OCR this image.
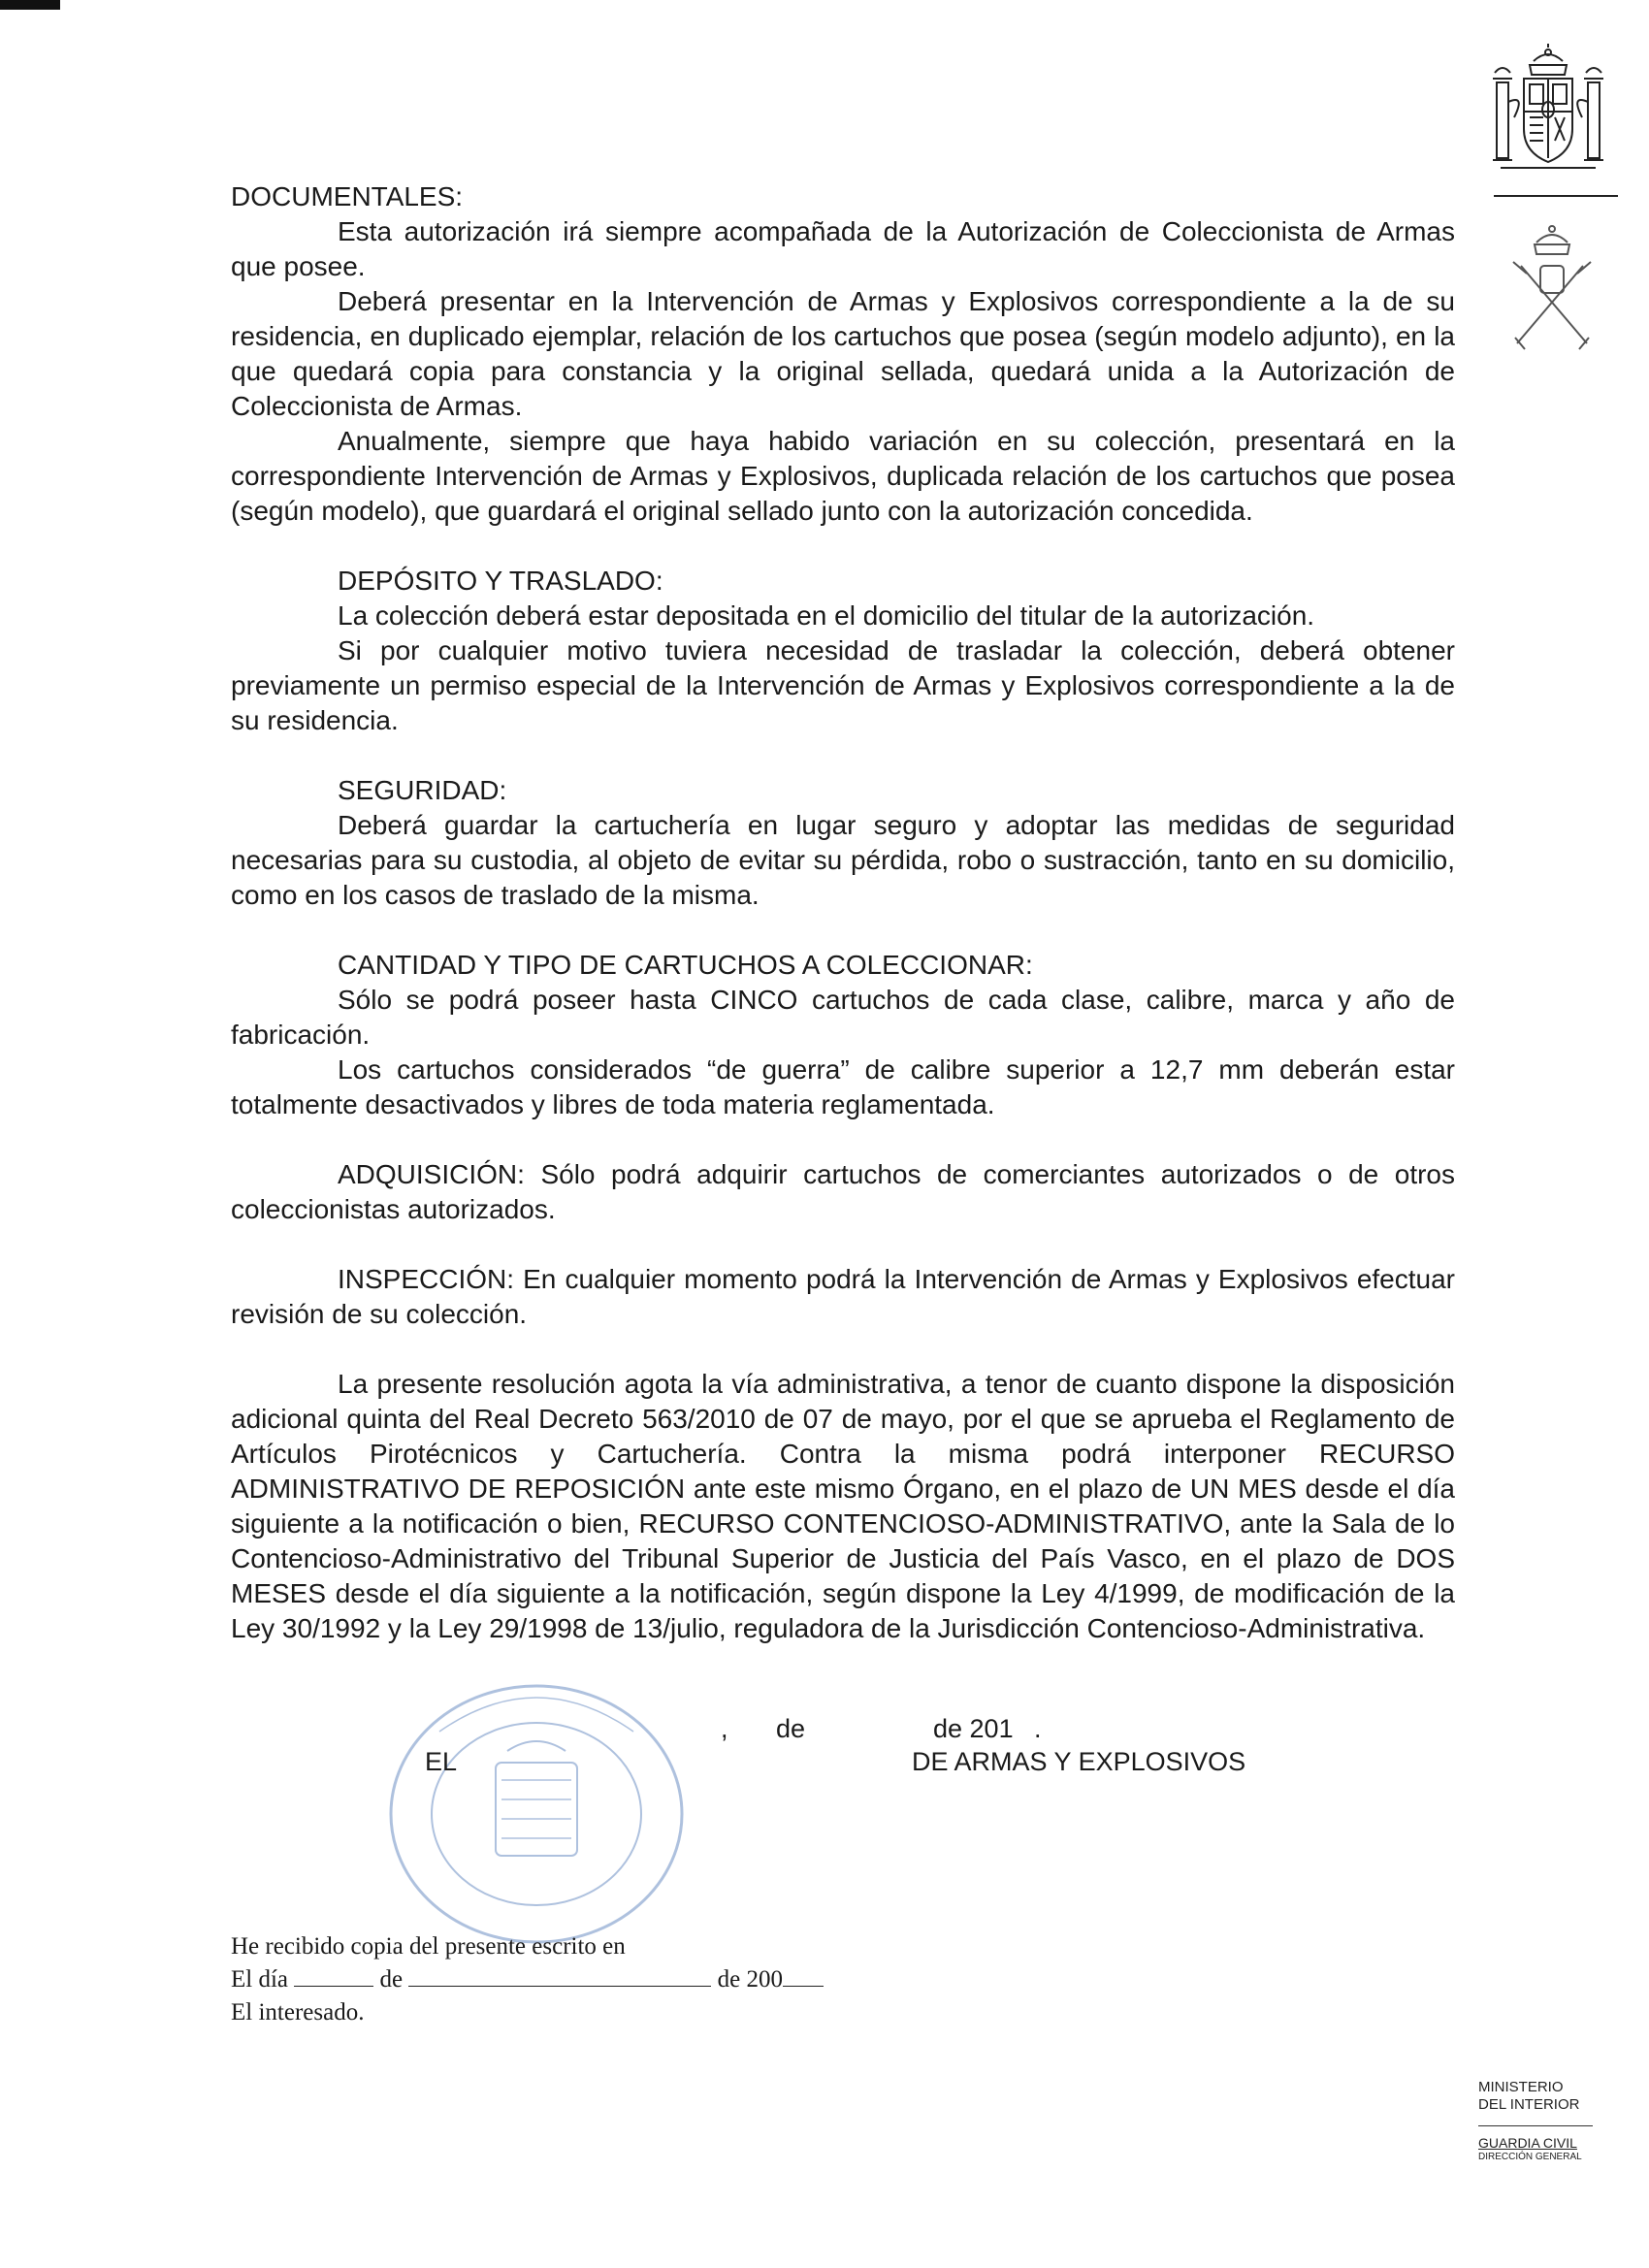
DOCUMENTALES:

Esta autorización irá siempre acompañada de la Autorización de Coleccionista de Armas que posee.

Deberá presentar en la Intervención de Armas y Explosivos correspondiente a la de su residencia, en duplicado ejemplar, relación de los cartuchos que posea (según modelo adjunto), en la que quedará copia para constancia y la original sellada, quedará unida a la Autorización de Coleccionista de Armas.

Anualmente, siempre que haya habido variación en su colección, presentará en la correspondiente Intervención de Armas y Explosivos, duplicada relación de los cartuchos que posea (según modelo), que guardará el original sellado junto con la autorización concedida.

DEPÓSITO Y TRASLADO:

La colección deberá estar depositada en el domicilio del titular de la autorización.

Si por cualquier motivo tuviera necesidad de trasladar la colección, deberá obtener previamente un permiso especial de la Intervención de Armas y Explosivos correspondiente a la de su residencia.

SEGURIDAD:

Deberá guardar la cartuchería en lugar seguro y adoptar las medidas de seguridad necesarias para su custodia, al objeto de evitar su pérdida, robo o sustracción, tanto en su domicilio, como en los casos de traslado de la misma.

CANTIDAD Y TIPO DE CARTUCHOS A COLECCIONAR:

Sólo se podrá poseer hasta CINCO cartuchos de cada clase, calibre, marca y año de fabricación.

Los cartuchos considerados “de guerra” de calibre superior a 12,7 mm deberán estar totalmente desactivados y libres de toda materia reglamentada.

ADQUISICIÓN: Sólo podrá adquirir cartuchos de comerciantes autorizados o de otros coleccionistas autorizados.

INSPECCIÓN: En cualquier momento podrá la Intervención de Armas y Explosivos efectuar revisión de su colección.

La presente resolución agota la vía administrativa, a tenor de cuanto dispone la disposición adicional quinta del Real Decreto 563/2010 de 07 de mayo, por el que se aprueba el Reglamento de Artículos Pirotécnicos y Cartuchería. Contra la misma podrá interponer RECURSO ADMINISTRATIVO DE REPOSICIÓN ante este mismo Órgano, en el plazo de UN MES desde el día siguiente a la notificación o bien, RECURSO CONTENCIOSO-ADMINISTRATIVO, ante la Sala de lo Contencioso-Administrativo del Tribunal Superior de Justicia del País Vasco, en el plazo de DOS MESES desde el día siguiente a la notificación, según dispone la Ley 4/1999, de modificación de la Ley 30/1992 y la Ley 29/1998 de 13/julio, reguladora de la Jurisdicción Contencioso-Administrativa.

, de	de 201 .
EL	DE ARMAS Y EXPLOSIVOS
He recibido copia del presente escrito en
El día	de	de 200
El interesado.
MINISTERIO
DEL INTERIOR
GUARDIA CIVIL
DIRECCIÓN GENERAL
